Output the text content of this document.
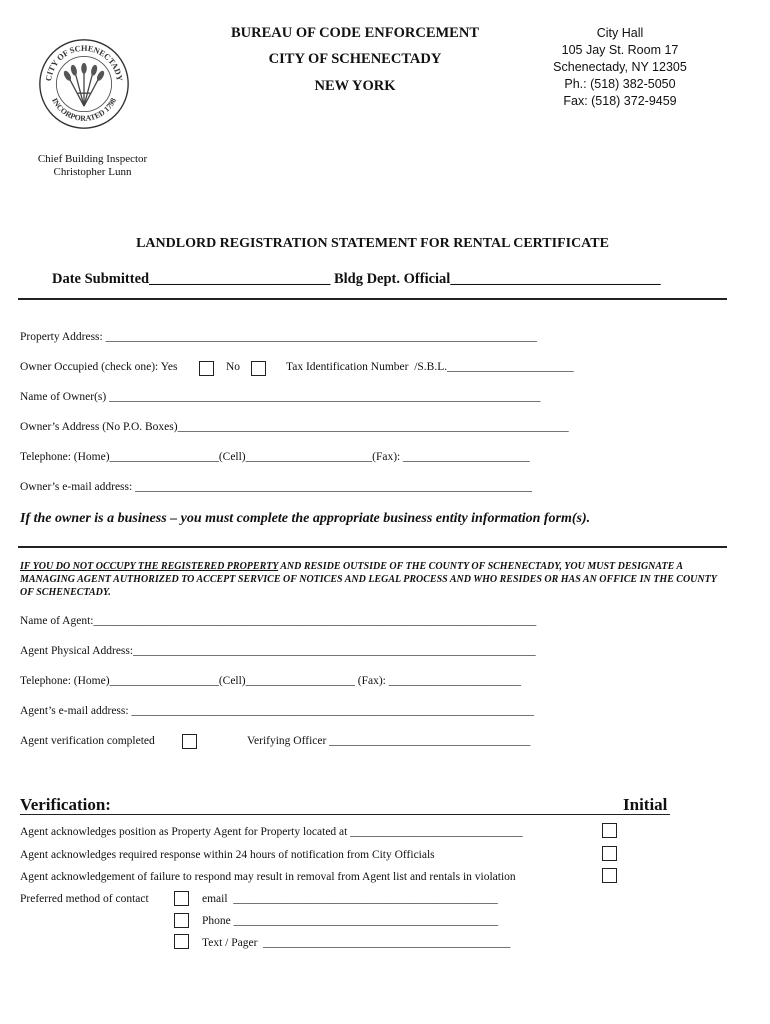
CITY OF SCHENECTADY
INCORPORATED 1798
BUREAU OF CODE ENFORCEMENT
CITY OF SCHENECTADY
NEW YORK
City Hall
105 Jay St. Room 17
Schenectady, NY 12305
Ph.: (518) 382-5050
Fax: (518) 372-9459
Chief Building Inspector
Christopher Lunn
LANDLORD REGISTRATION STATEMENT FOR RENTAL CERTIFICATE
Date Submitted_________________________ Bldg Dept. Official_____________________________
Property Address: ___________________________________________________________________________
Owner Occupied (check one): Yes	No	Tax Identification Number  /S.B.L.______________________
Name of Owner(s) ___________________________________________________________________________
Owner’s Address (No P.O. Boxes)____________________________________________________________________
Telephone: (Home)___________________(Cell)______________________(Fax): ______________________
Owner’s e-mail address: _____________________________________________________________________
If the owner is a business – you must complete the appropriate business entity information form(s).
IF YOU DO NOT OCCUPY THE REGISTERED PROPERTY AND RESIDE OUTSIDE OF THE COUNTY OF SCHENECTADY, YOU MUST DESIGNATE A MANAGING AGENT AUTHORIZED TO ACCEPT SERVICE OF NOTICES AND LEGAL PROCESS AND WHO RESIDES OR HAS AN OFFICE IN THE COUNTY OF SCHENECTADY.
Name of Agent:_____________________________________________________________________________
Agent Physical Address:______________________________________________________________________
Telephone: (Home)___________________(Cell)___________________ (Fax): _______________________
Agent’s e-mail address: ______________________________________________________________________
Agent verification completed	Verifying Officer ___________________________________
Verification:	Initial
Agent acknowledges position as Property Agent for Property located at ______________________________
Agent acknowledges required response within 24 hours of notification from City Officials
Agent acknowledgement of failure to respond may result in removal from Agent list and rentals in violation
Preferred method of contact	email  ______________________________________________
Phone ______________________________________________
Text / Pager  ___________________________________________
